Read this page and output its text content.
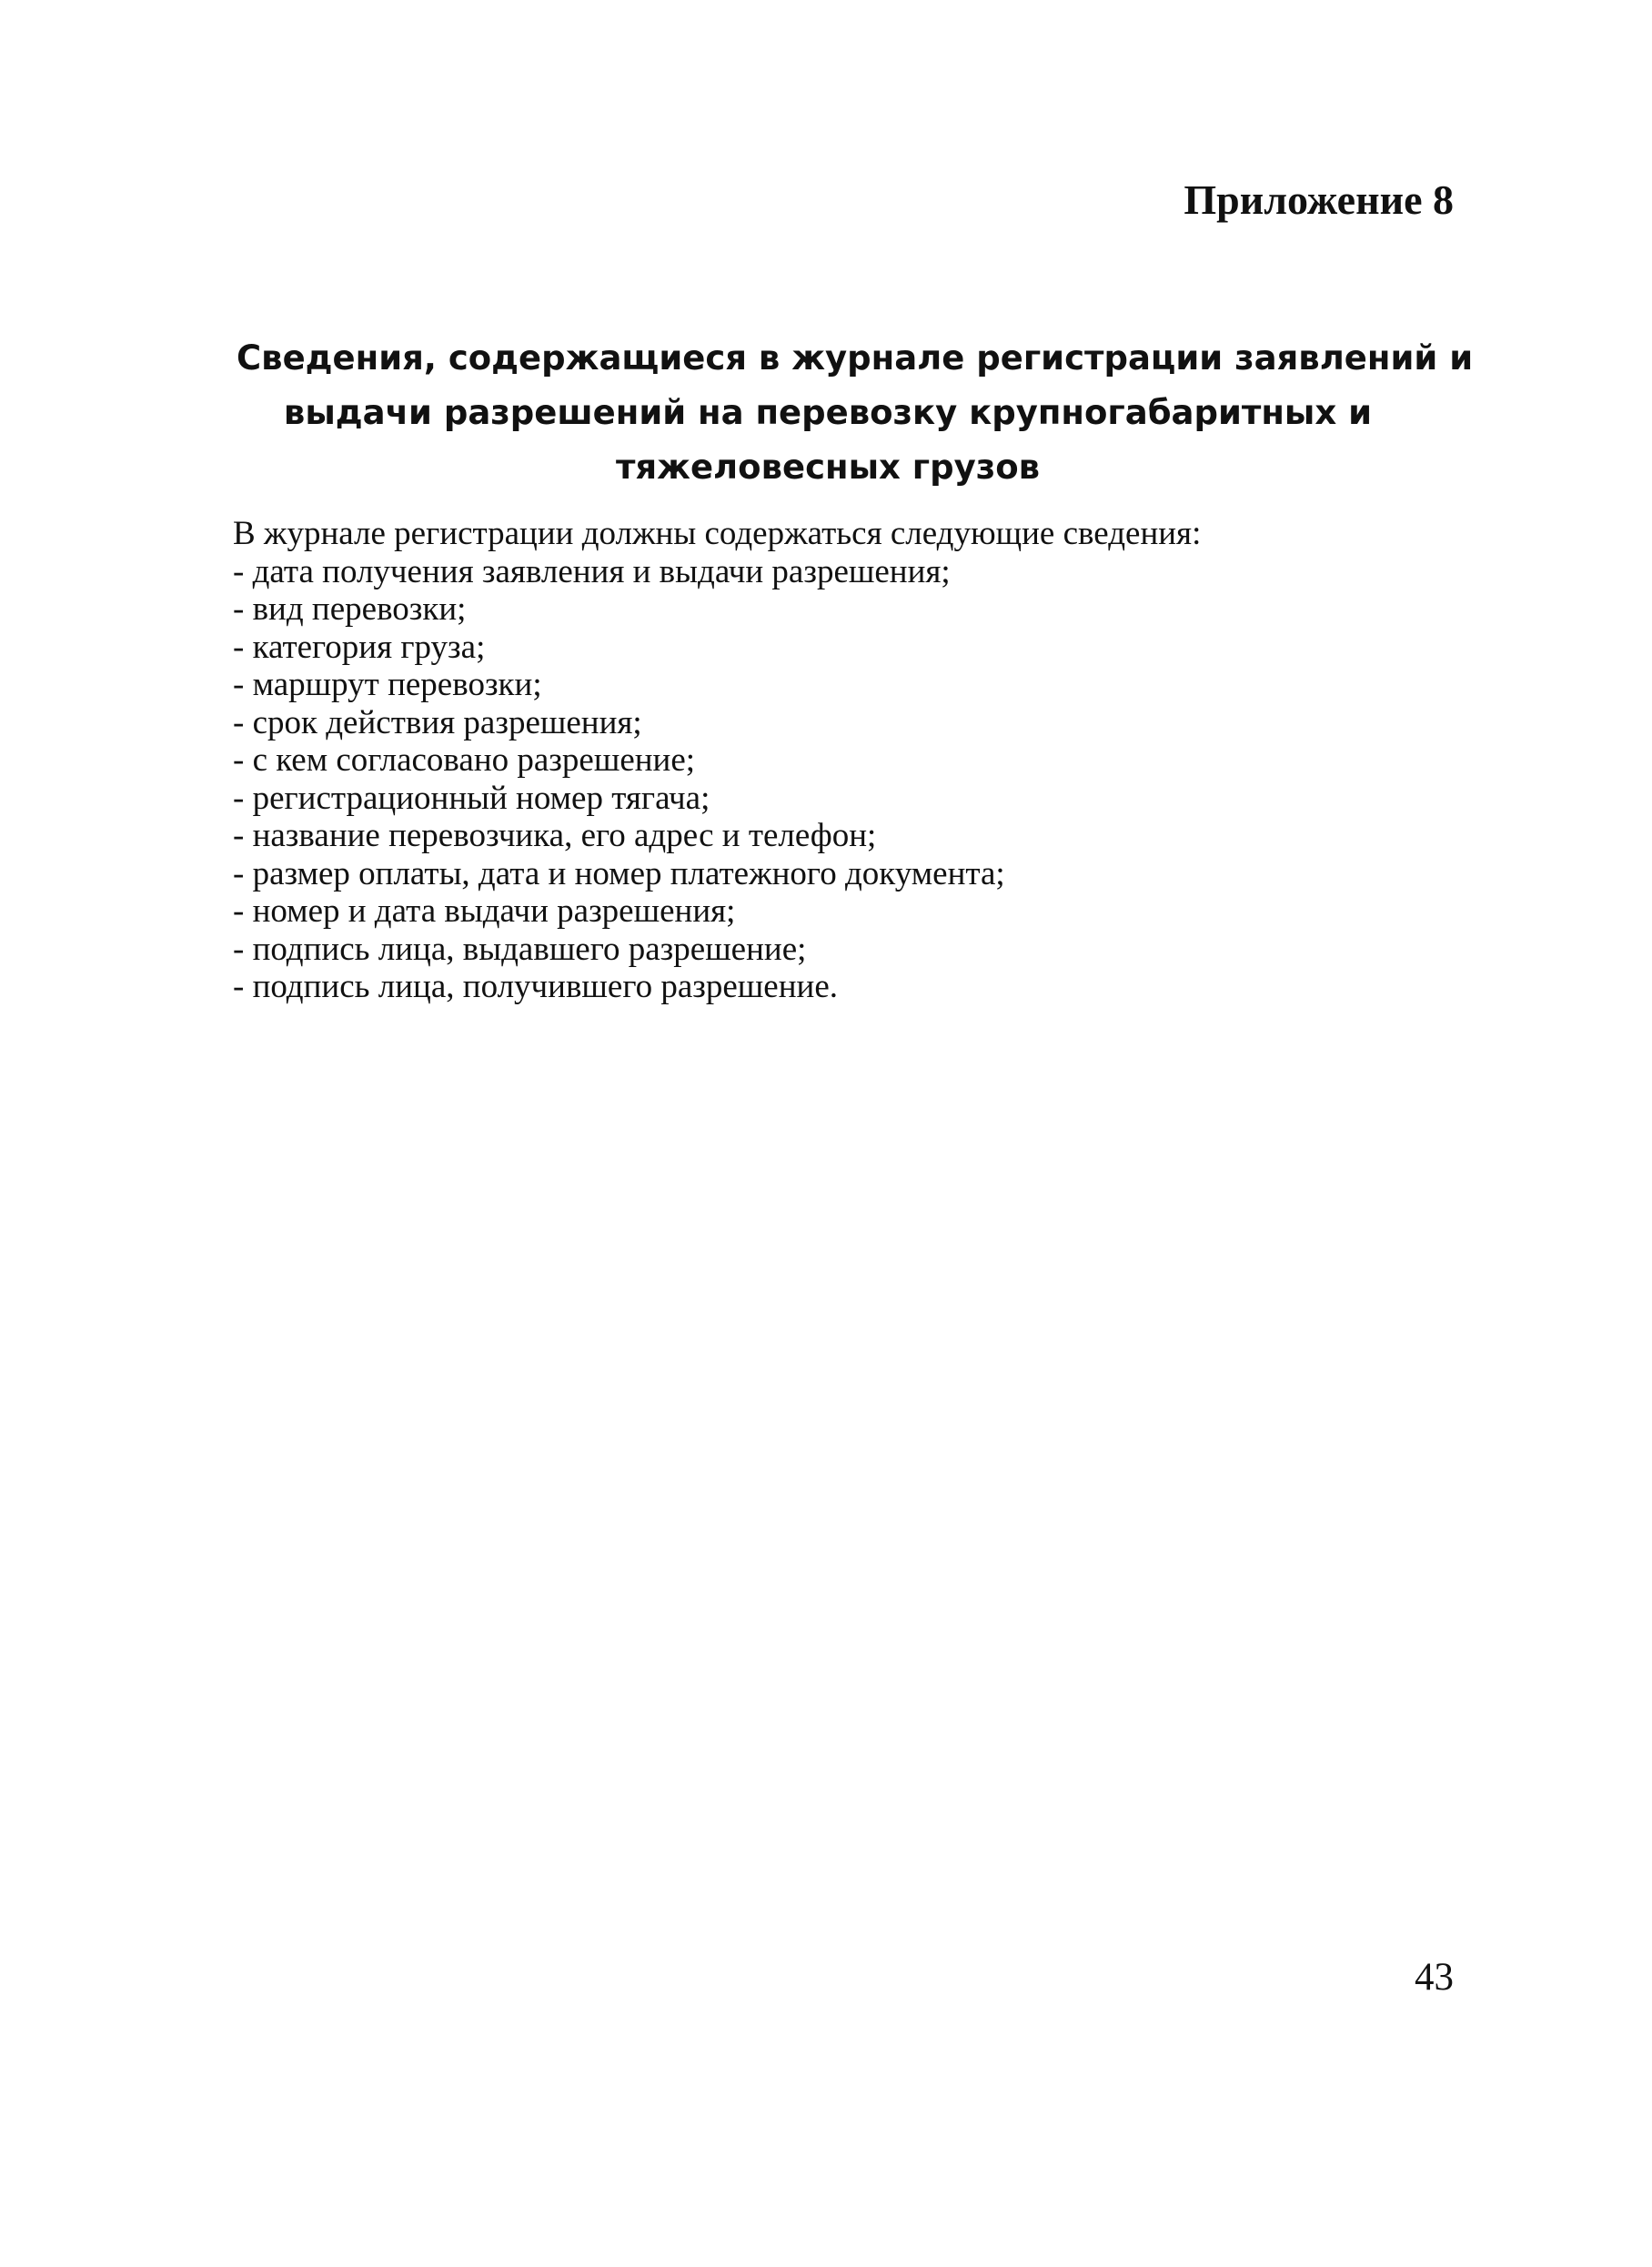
Приложение 8
Сведения, содержащиеся в журнале регистрации заявлений и
выдачи разрешений на перевозку крупногабаритных и
тяжеловесных грузов
В журнале регистрации должны содержаться следующие сведения:
- дата получения заявления и выдачи разрешения;
- вид перевозки;
- категория груза;
- маршрут перевозки;
- срок действия разрешения;
- с кем согласовано разрешение;
- регистрационный номер тягача;
- название перевозчика, его адрес и телефон;
- размер оплаты, дата и номер платежного документа;
- номер и дата выдачи разрешения;
- подпись лица, выдавшего разрешение;
- подпись лица, получившего разрешение.
43
